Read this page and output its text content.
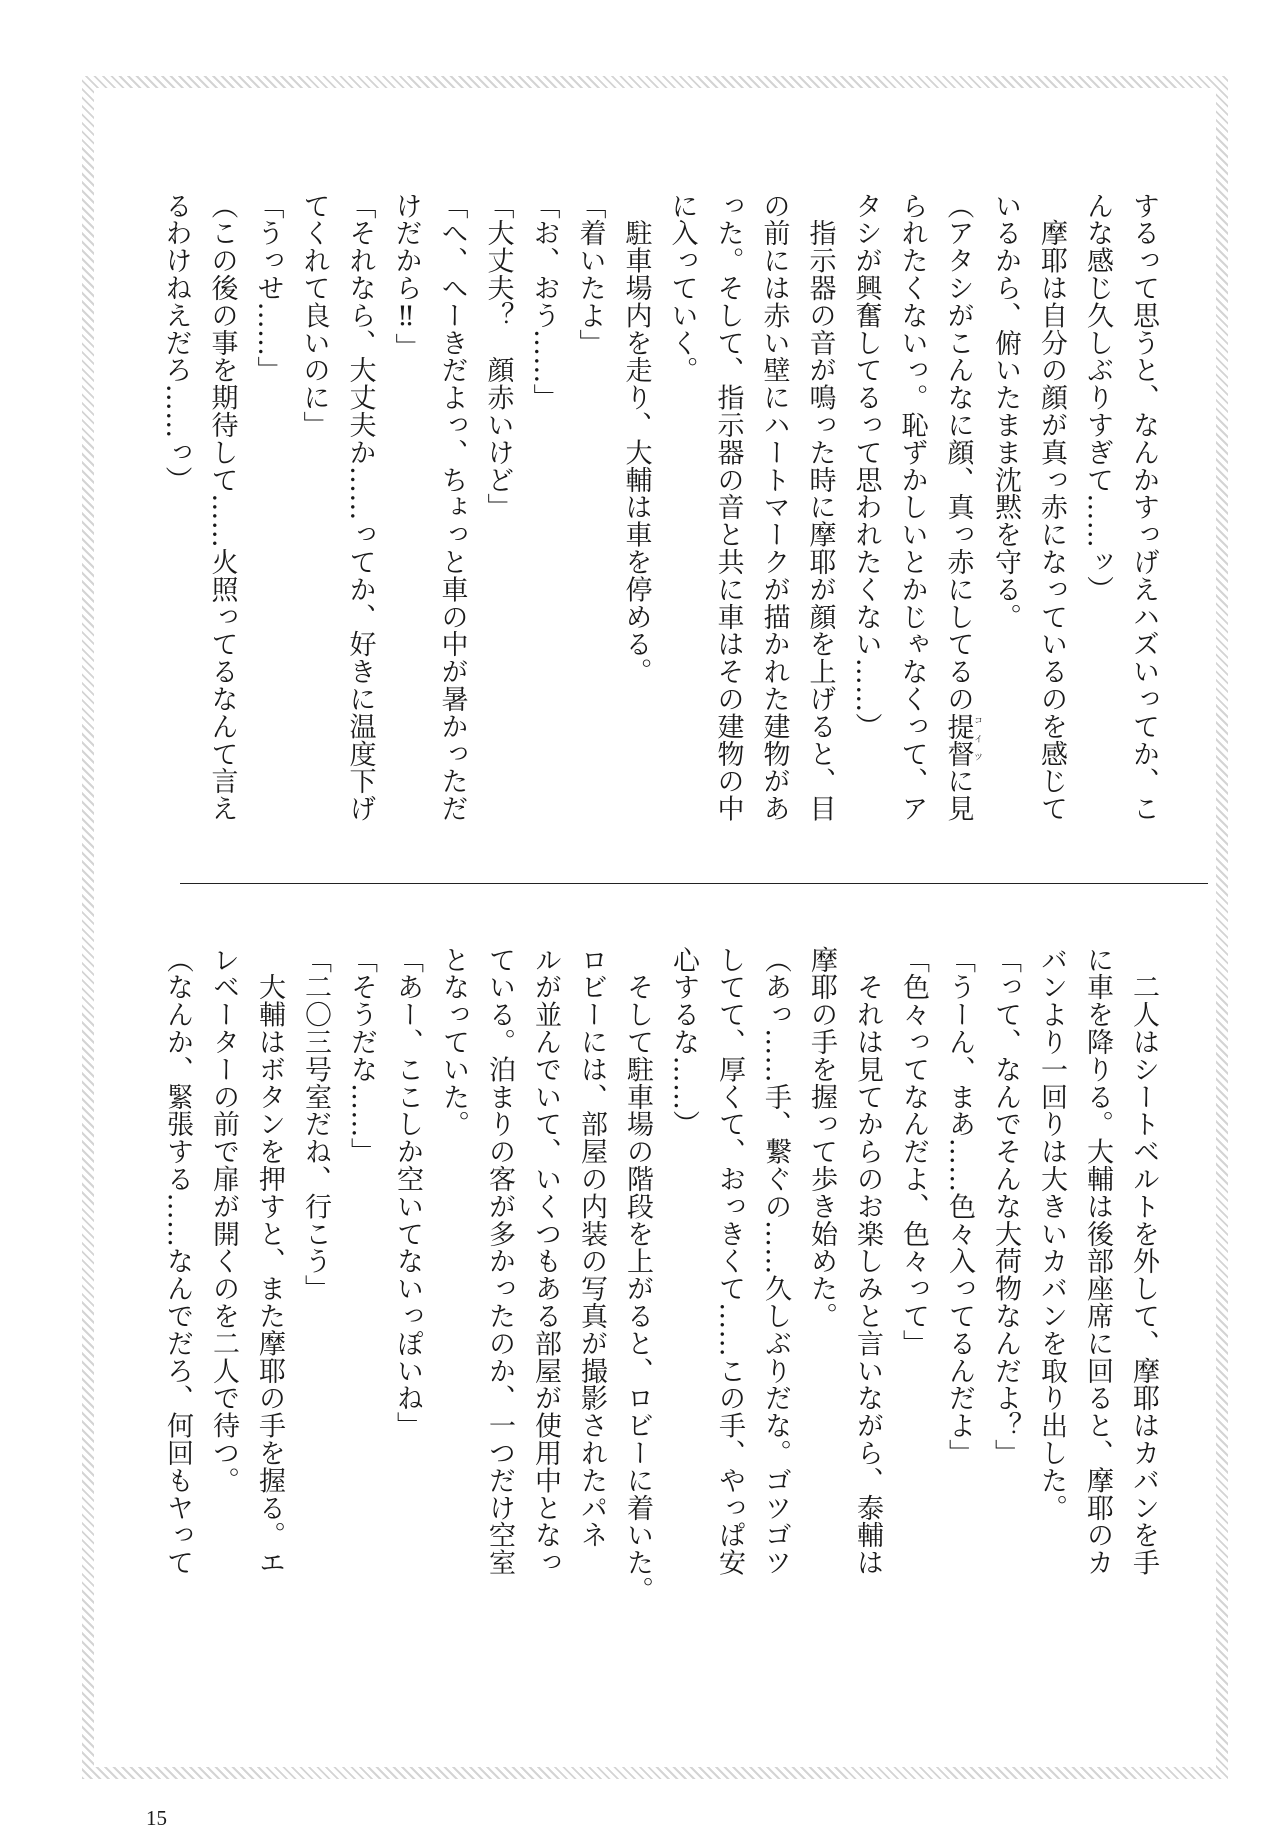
するって思うと、なんかすっげえハズいってか、こ
んな感じ久しぶりすぎて……ッ）
　摩耶は自分の顔が真っ赤になっているのを感じて
いるから、俯いたまま沈黙を守る。
（アタシがこんなに顔、真っ赤にしてるの提督コイツに見
られたくないっ。恥ずかしいとかじゃなくって、ア
タシが興奮してるって思われたくない……）
　指示器の音が鳴った時に摩耶が顔を上げると、目
の前には赤い壁にハートマークが描かれた建物があ
った。そして、指示器の音と共に車はその建物の中
に入っていく。
　駐車場内を走り、大輔は車を停める。
「着いたよ」
「お、おう……」
「大丈夫？　顔赤いけど」
「へ、へーきだよっ、ちょっと車の中が暑かっただ
けだから‼」
「それなら、大丈夫か……ってか、好きに温度下げ
てくれて良いのに」
「うっせ……」
（この後の事を期待して……火照ってるなんて言え
るわけねえだろ……っ）
　二人はシートベルトを外して、摩耶はカバンを手
に車を降りる。大輔は後部座席に回ると、摩耶のカ
バンより一回りは大きいカバンを取り出した。
「って、なんでそんな大荷物なんだよ？」
「うーん、まあ……色々入ってるんだよ」
「色々ってなんだよ、色々って」
　それは見てからのお楽しみと言いながら、泰輔は
摩耶の手を握って歩き始めた。
（あっ……手、繋ぐの……久しぶりだな。ゴツゴツ
してて、厚くて、おっきくて……この手、やっぱ安
心するな……）
　そして駐車場の階段を上がると、ロビーに着いた。
ロビーには、部屋の内装の写真が撮影されたパネ
ルが並んでいて、いくつもある部屋が使用中となっ
ている。泊まりの客が多かったのか、一つだけ空室
となっていた。
「あー、ここしか空いてないっぽいね」
「そうだな……」
「二〇三号室だね、行こう」
　大輔はボタンを押すと、また摩耶の手を握る。エ
レベーターの前で扉が開くのを二人で待つ。
（なんか、緊張する……なんでだろ、何回もヤって
15
